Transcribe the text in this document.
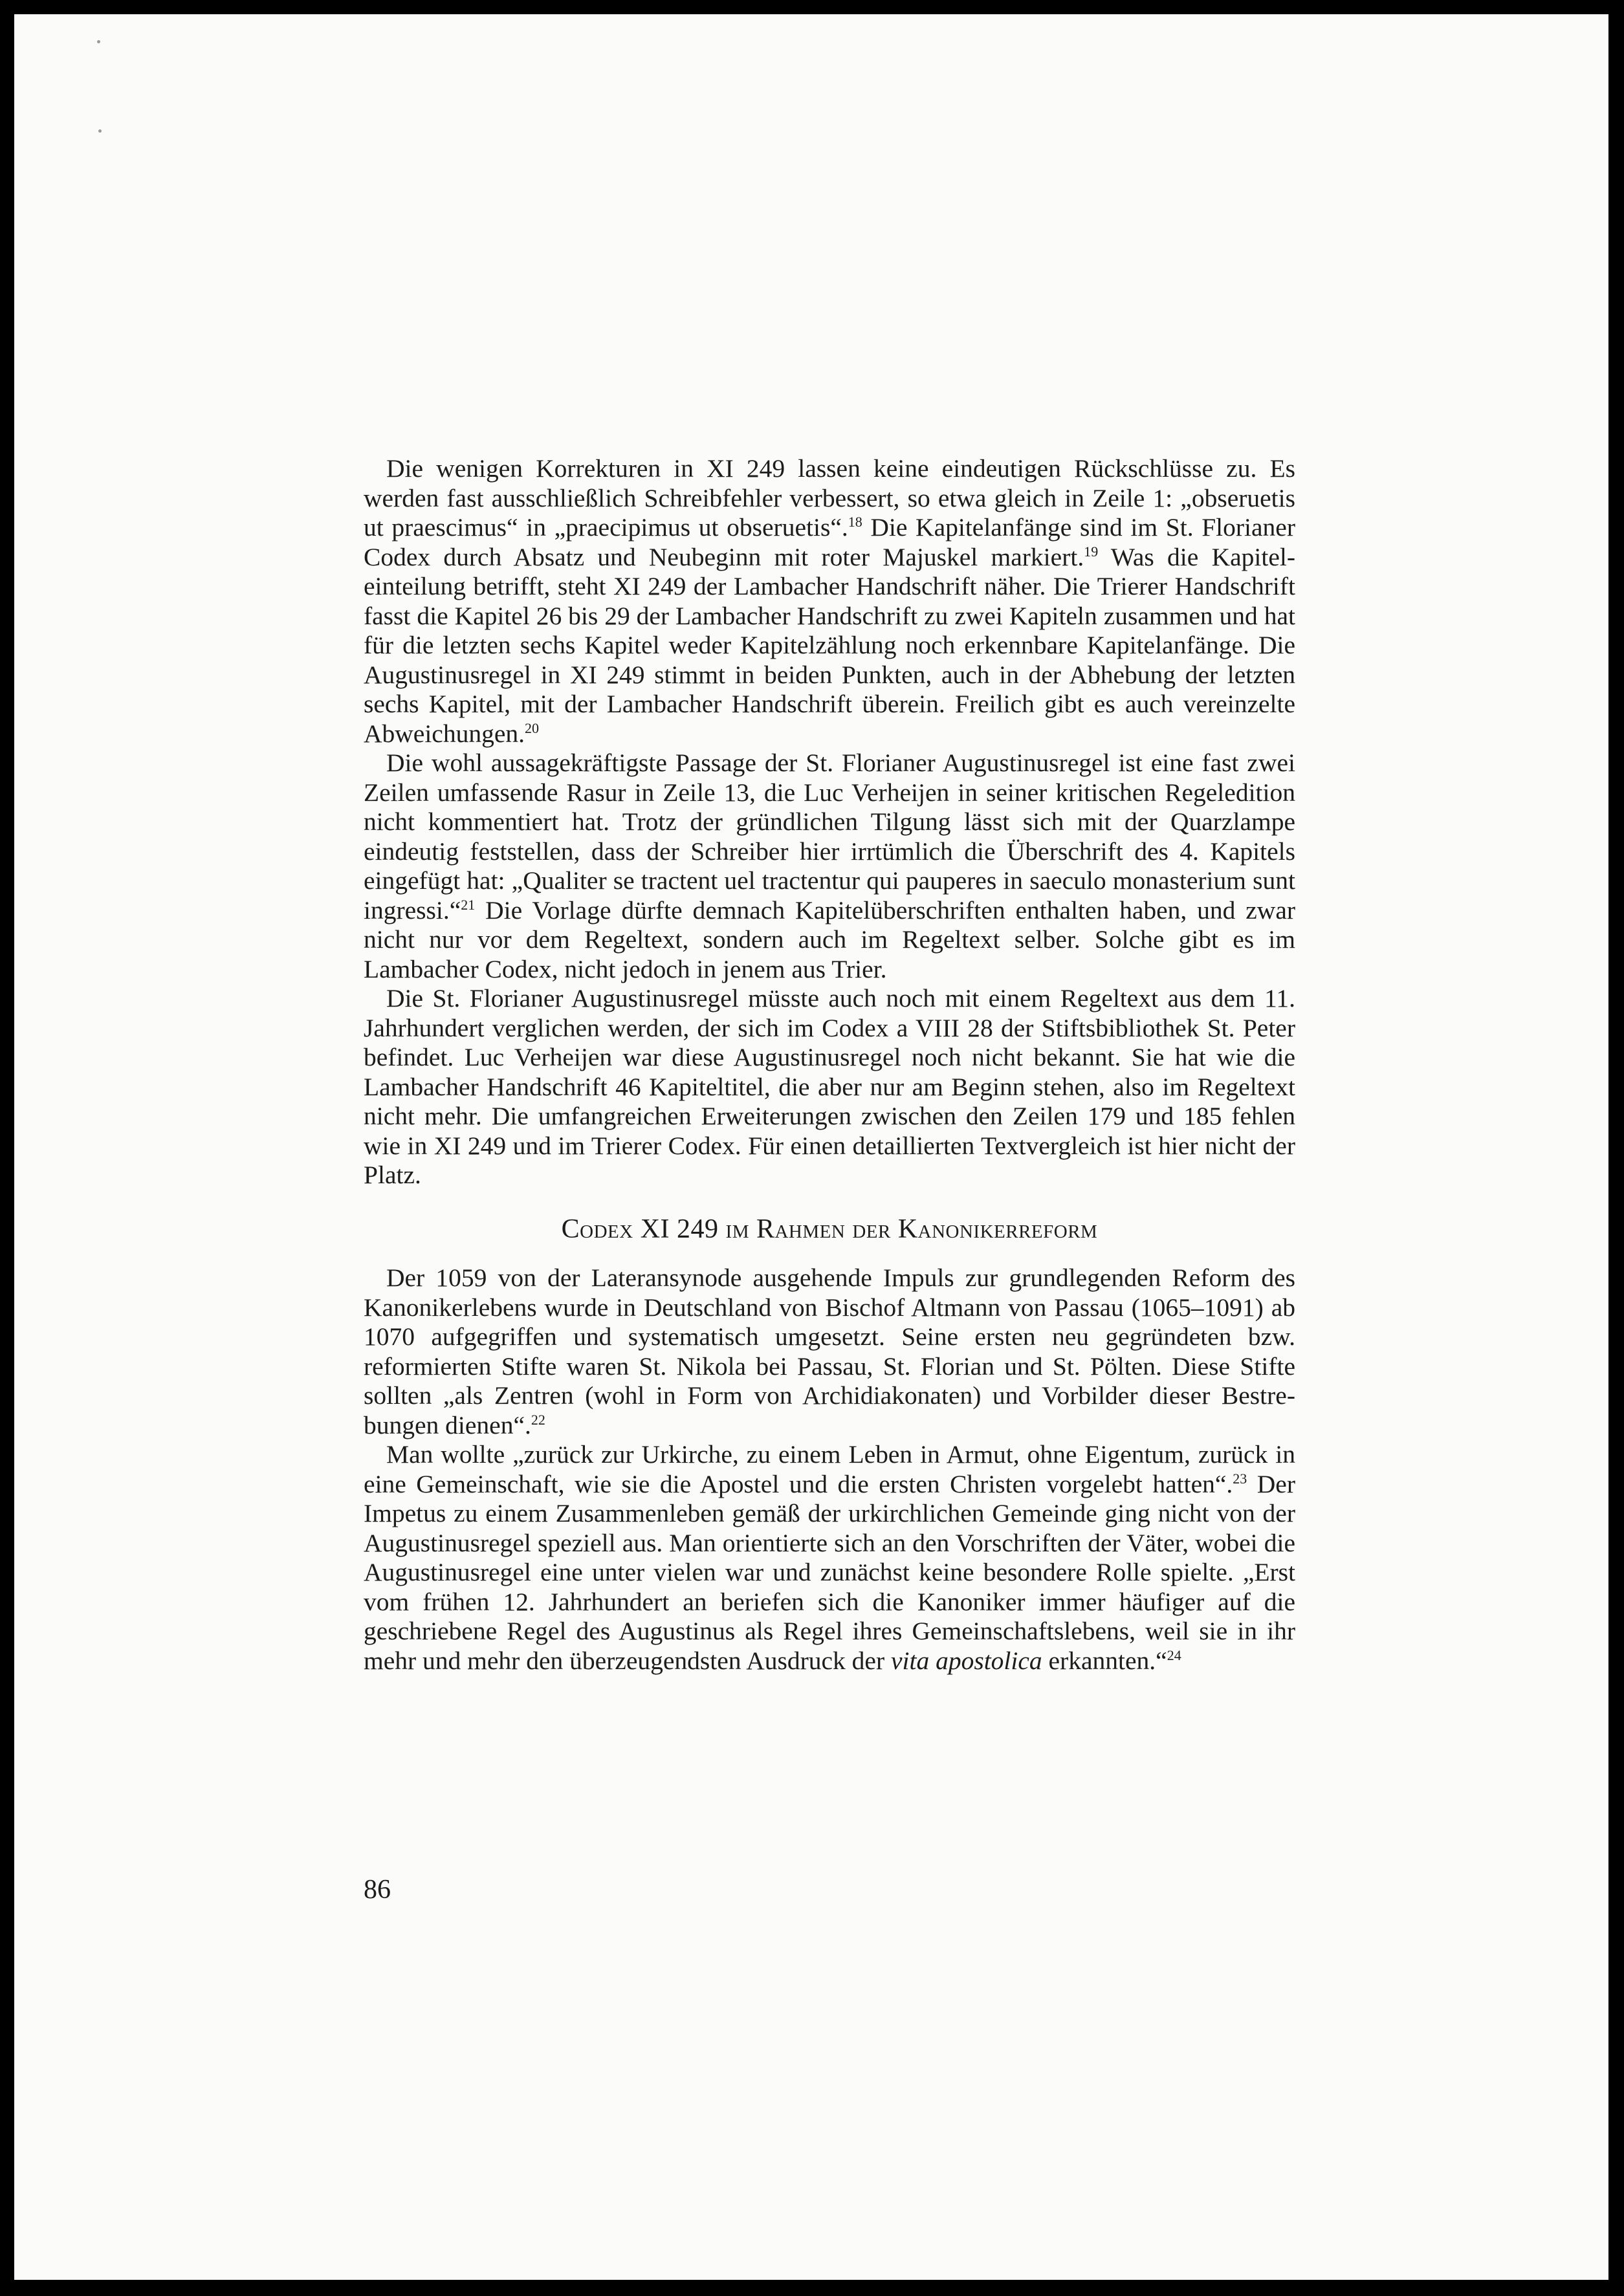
Die wenigen Korrekturen in XI 249 lassen keine eindeutigen Rückschlüsse zu. Es werden fast ausschließlich Schreibfehler verbessert, so etwa gleich in Zeile 1: „obseruetis ut praescimus“ in „praecipimus ut obseruetis“.$^{18}$ Die Kapitelanfänge sind im St. Florianer Codex durch Absatz und Neubeginn mit roter Majuskel markiert.$^{19}$ Was die Kapiteleinteilung betrifft, steht XI 249 der Lambacher Handschrift näher. Die Trierer Handschrift fasst die Kapitel 26 bis 29 der Lambacher Handschrift zu zwei Kapiteln zusammen und hat für die letzten sechs Kapitel weder Kapitelzählung noch erkennbare Kapitelanfänge. Die Augustinusregel in XI 249 stimmt in beiden Punkten, auch in der Abhebung der letzten sechs Kapitel, mit der Lambacher Handschrift überein. Freilich gibt es auch vereinzelte Abweichungen.$^{20}$

Die wohl aussagekräftigste Passage der St. Florianer Augustinusregel ist eine fast zwei Zeilen umfassende Rasur in Zeile 13, die Luc Verheijen in seiner kritischen Regeledition nicht kommentiert hat. Trotz der gründlichen Tilgung lässt sich mit der Quarzlampe eindeutig feststellen, dass der Schreiber hier irrtümlich die Überschrift des 4. Kapitels eingefügt hat: „Qualiter se tractent uel tractentur qui pauperes in saeculo monasterium sunt ingressi.“$^{21}$ Die Vorlage dürfte demnach Kapitelüberschriften enthalten haben, und zwar nicht nur vor dem Regeltext, sondern auch im Regeltext selber. Solche gibt es im Lambacher Codex, nicht jedoch in jenem aus Trier.

Die St. Florianer Augustinusregel müsste auch noch mit einem Regeltext aus dem 11. Jahrhundert verglichen werden, der sich im Codex a VIII 28 der Stiftsbibliothek St. Peter befindet. Luc Verheijen war diese Augustinusregel noch nicht bekannt. Sie hat wie die Lambacher Handschrift 46 Kapiteltitel, die aber nur am Beginn stehen, also im Regeltext nicht mehr. Die umfangreichen Erweiterungen zwischen den Zeilen 179 und 185 fehlen wie in XI 249 und im Trierer Codex. Für einen detaillierten Textvergleich ist hier nicht der Platz.

Codex XI 249 im Rahmen der Kanonikerreform

Der 1059 von der Lateransynode ausgehende Impuls zur grundlegenden Reform des Kanonikerlebens wurde in Deutschland von Bischof Altmann von Passau (1065–1091) ab 1070 aufgegriffen und systematisch umgesetzt. Seine ersten neu gegründeten bzw. reformierten Stifte waren St. Nikola bei Passau, St. Florian und St. Pölten. Diese Stifte sollten „als Zentren (wohl in Form von Archidiakonaten) und Vorbilder dieser Bestrebungen dienen“.$^{22}$

Man wollte „zurück zur Urkirche, zu einem Leben in Armut, ohne Eigentum, zurück in eine Gemeinschaft, wie sie die Apostel und die ersten Christen vorgelebt hatten“.$^{23}$ Der Impetus zu einem Zusammenleben gemäß der urkirchlichen Gemeinde ging nicht von der Augustinusregel speziell aus. Man orientierte sich an den Vorschriften der Väter, wobei die Augustinusregel eine unter vielen war und zunächst keine besondere Rolle spielte. „Erst vom frühen 12. Jahrhundert an beriefen sich die Kanoniker immer häufiger auf die geschriebene Regel des Augustinus als Regel ihres Gemeinschaftslebens, weil sie in ihr mehr und mehr den überzeugendsten Ausdruck der vita apostolica erkannten.“$^{24}$

86
